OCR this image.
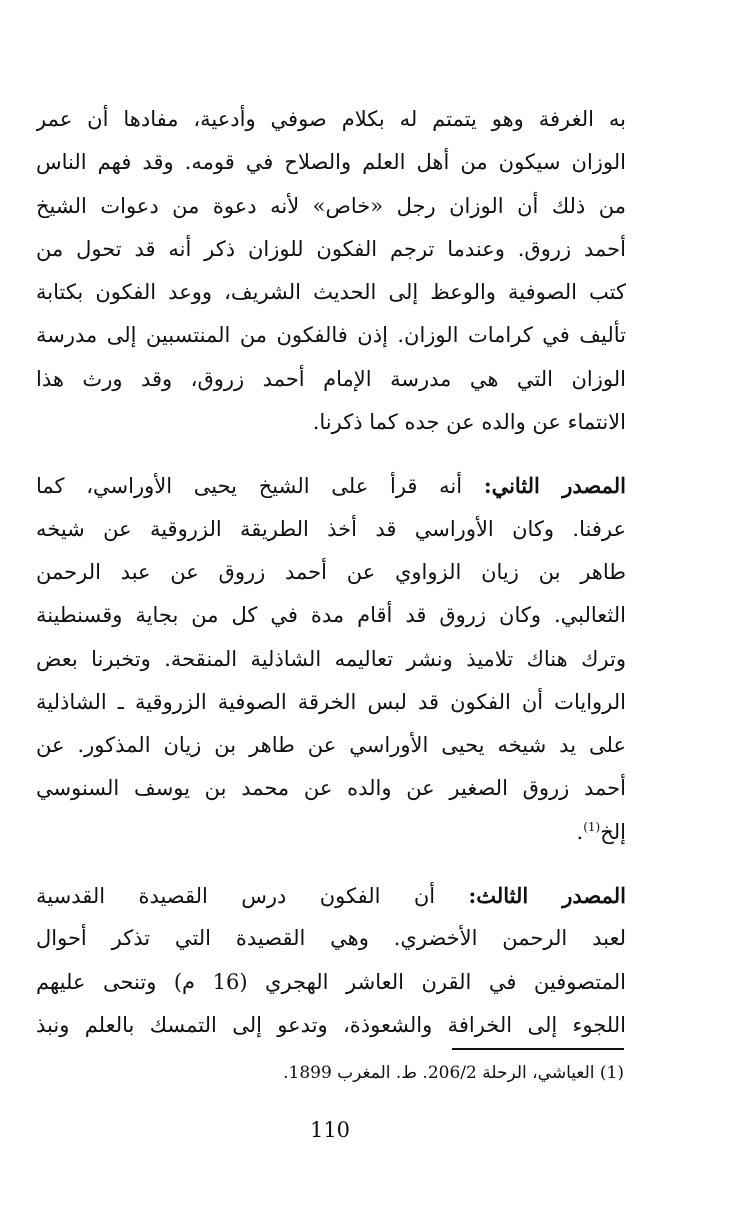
به الغرفة وهو يتمتم له بكلام صوفي وأدعية، مفادها أن عمر
الوزان سيكون من أهل العلم والصلاح في قومه. وقد فهم الناس
من ذلك أن الوزان رجل «خاص» لأنه دعوة من دعوات الشيخ
أحمد زروق. وعندما ترجم الفكون للوزان ذكر أنه قد تحول من
كتب الصوفية والوعظ إلى الحديث الشريف، ووعد الفكون بكتابة
تأليف في كرامات الوزان. إذن فالفكون من المنتسبين إلى مدرسة
الوزان التي هي مدرسة الإمام أحمد زروق، وقد ورث هذا
الانتماء عن والده عن جده كما ذكرنا.
المصدر الثاني: أنه قرأ على الشيخ يحيى الأوراسي، كما
عرفنا. وكان الأوراسي قد أخذ الطريقة الزروقية عن شيخه
طاهر بن زيان الزواوي عن أحمد زروق عن عبد الرحمن
الثعالبي. وكان زروق قد أقام مدة في كل من بجاية وقسنطينة
وترك هناك تلاميذ ونشر تعاليمه الشاذلية المنقحة. وتخبرنا بعض
الروايات أن الفكون قد لبس الخرقة الصوفية الزروقية ـ الشاذلية
على يد شيخه يحيى الأوراسي عن طاهر بن زيان المذكور. عن
أحمد زروق الصغير عن والده عن محمد بن يوسف السنوسي
إلخ$^{(1)}$.
المصدر الثالث: أن الفكون درس القصيدة القدسية
لعبد الرحمن الأخضري. وهي القصيدة التي تذكر أحوال
المتصوفين في القرن العاشر الهجري (16 م) وتنحى عليهم
اللجوء إلى الخرافة والشعوذة، وتدعو إلى التمسك بالعلم ونبذ
(1) العياشي، الرحلة 206/2. ط. المغرب 1899.
110
